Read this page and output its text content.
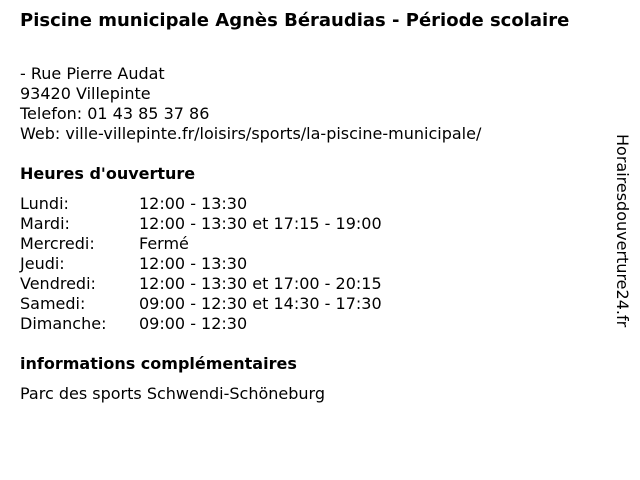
Piscine municipale Agnès Béraudias - Période scolaire
- Rue Pierre Audat
93420 Villepinte
Telefon: 01 43 85 37 86
Web: ville-villepinte.fr/loisirs/sports/la-piscine-municipale/
Heures d'ouverture
Lundi:	12:00 - 13:30
Mardi:	12:00 - 13:30 et 17:15 - 19:00
Mercredi:	Fermé
Jeudi:	12:00 - 13:30
Vendredi:	12:00 - 13:30 et 17:00 - 20:15
Samedi:	09:00 - 12:30 et 14:30 - 17:30
Dimanche:	09:00 - 12:30
informations complémentaires
Parc des sports Schwendi-Schöneburg
Horairesdouverture24.fr
